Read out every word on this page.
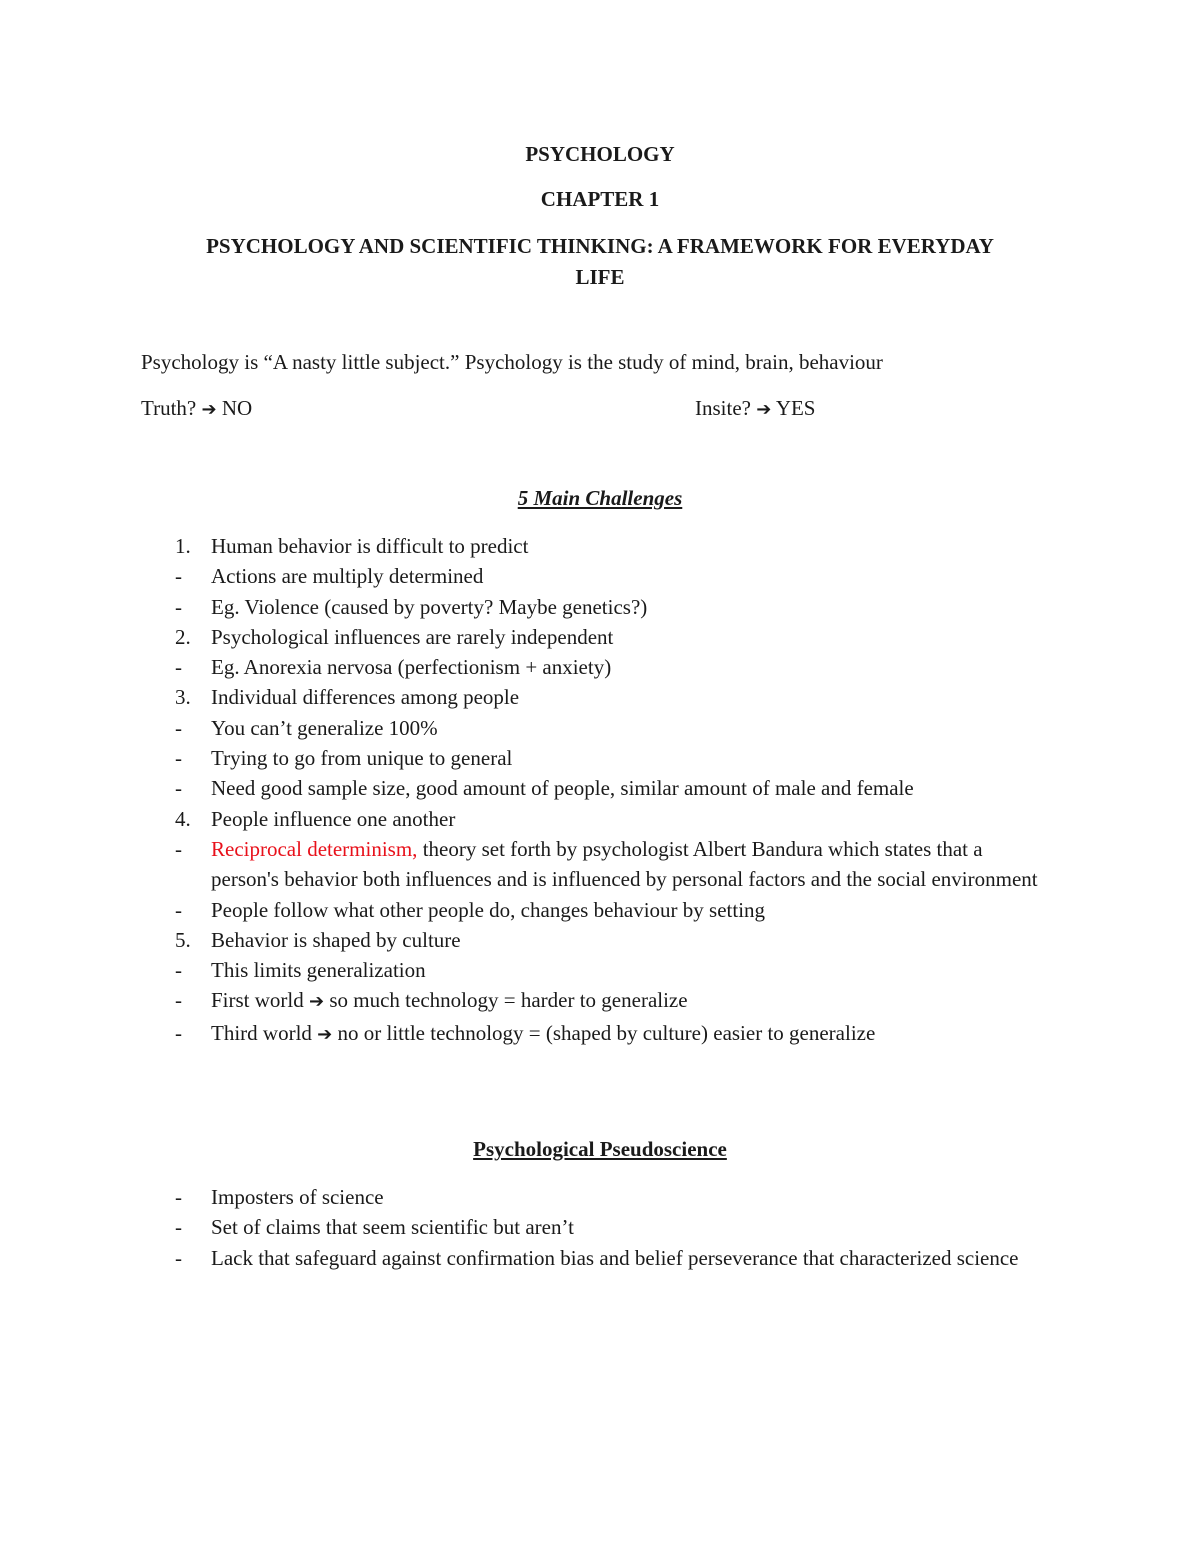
PSYCHOLOGY
CHAPTER 1
PSYCHOLOGY AND SCIENTIFIC THINKING: A FRAMEWORK FOR EVERYDAY
LIFE
Psychology is “A nasty little subject.” Psychology is the study of mind, brain, behaviour
Truth? ➔ NO	Insite? ➔ YES
5 Main Challenges
1. Human behavior is difficult to predict
- Actions are multiply determined
- Eg. Violence (caused by poverty? Maybe genetics?)
2. Psychological influences are rarely independent
- Eg. Anorexia nervosa (perfectionism + anxiety)
3. Individual differences among people
- You can’t generalize 100%
- Trying to go from unique to general
- Need good sample size, good amount of people, similar amount of male and female
4. People influence one another
- Reciprocal determinism, theory set forth by psychologist Albert Bandura which states that a person's behavior both influences and is influenced by personal factors and the social environment
- People follow what other people do, changes behaviour by setting
5. Behavior is shaped by culture
- This limits generalization
- First world ➔ so much technology = harder to generalize
- Third world ➔ no or little technology = (shaped by culture) easier to generalize
Psychological Pseudoscience
- Imposters of science
- Set of claims that seem scientific but aren’t
- Lack that safeguard against confirmation bias and belief perseverance that characterized science
